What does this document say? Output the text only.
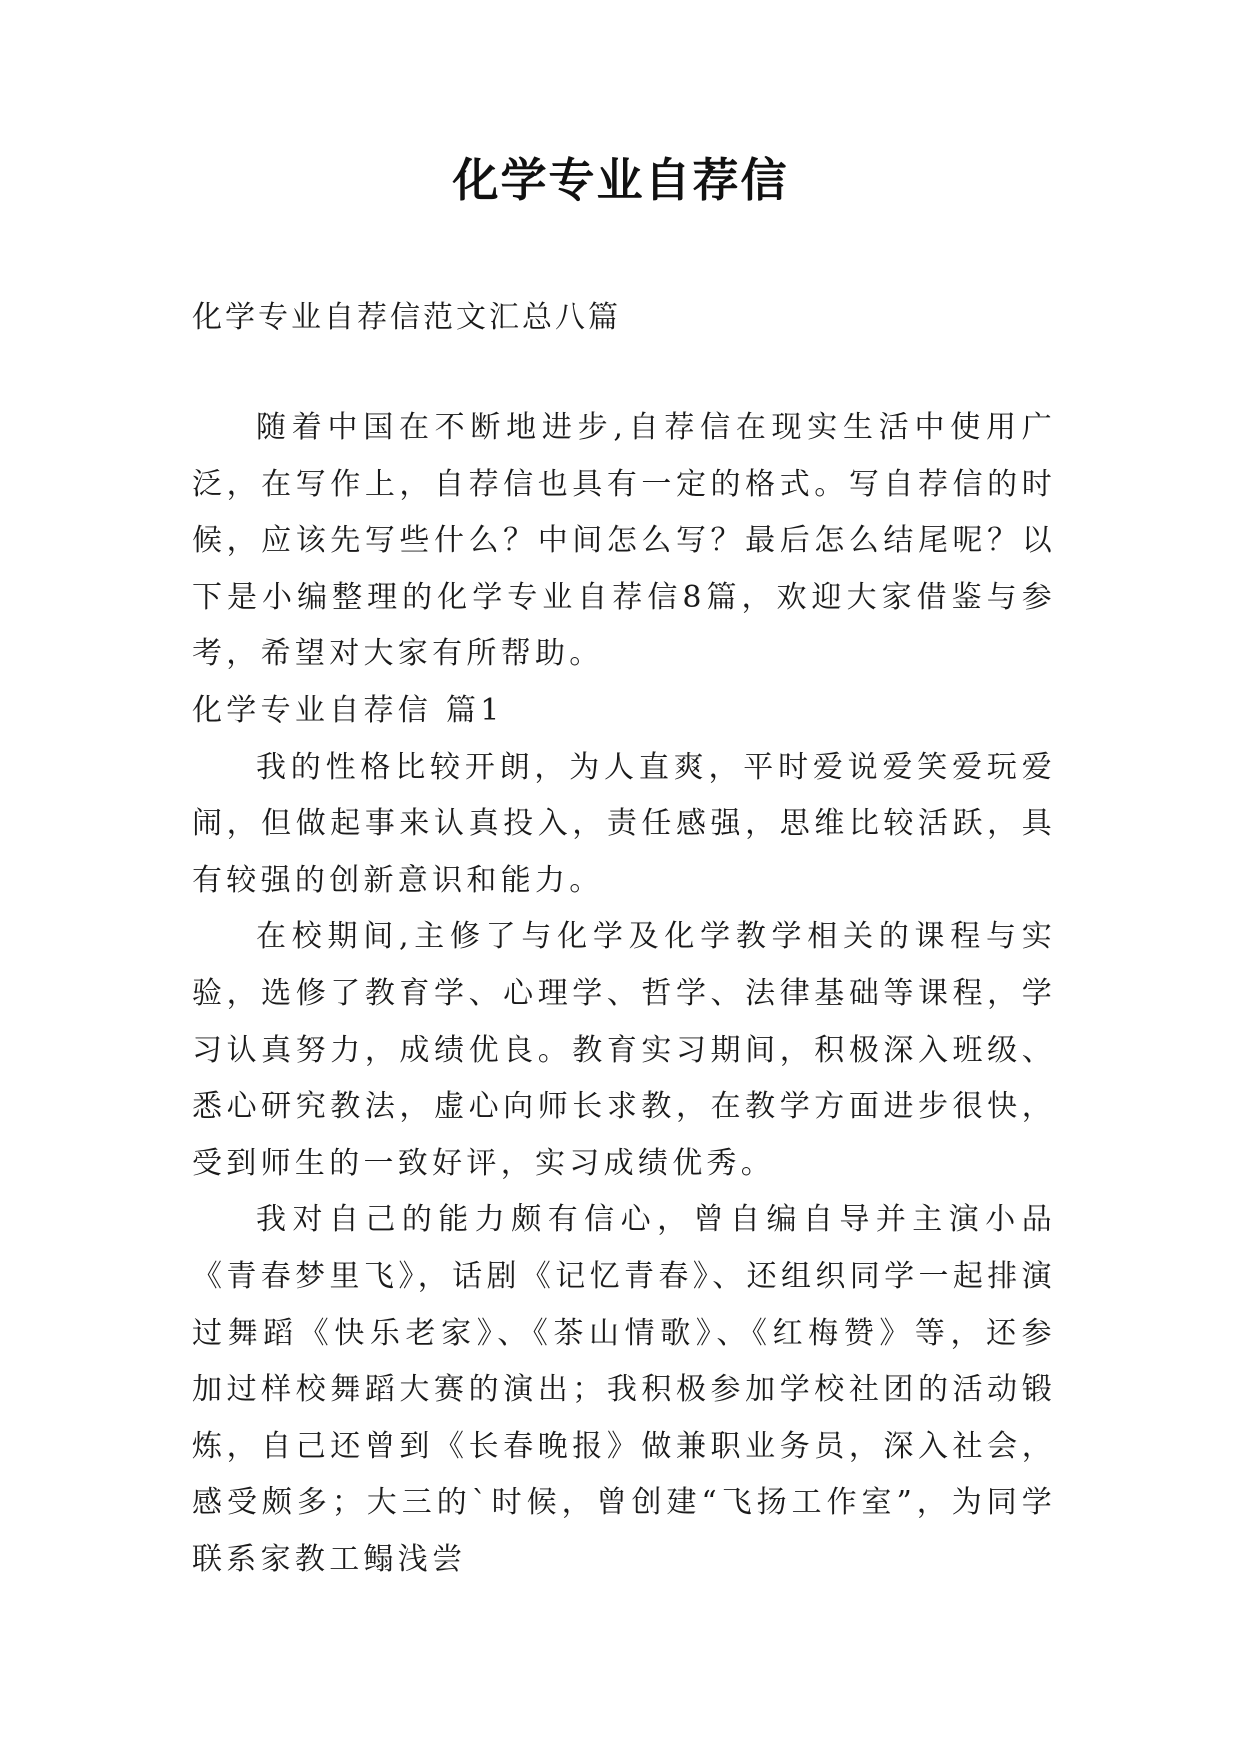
化学专业自荐信
化学专业自荐信范文汇总八篇

随着中国在不断地进步,自荐信在现实生活中使用广泛，在写作上，自荐信也具有一定的格式。写自荐信的时候，应该先写些什么？中间怎么写？最后怎么结尾呢？以下是小编整理的化学专业自荐信8篇，欢迎大家借鉴与参考，希望对大家有所帮助。

化学专业自荐信 篇1

我的性格比较开朗，为人直爽，平时爱说爱笑爱玩爱闹，但做起事来认真投入，责任感强，思维比较活跃，具有较强的创新意识和能力。

在校期间,主修了与化学及化学教学相关的课程与实验，选修了教育学、心理学、哲学、法律基础等课程，学习认真努力，成绩优良。教育实习期间，积极深入班级、悉心研究教法，虚心向师长求教，在教学方面进步很快，受到师生的一致好评，实习成绩优秀。

我对自己的能力颇有信心，曾自编自导并主演小品《青春梦里飞》，话剧《记忆青春》、还组织同学一起排演过舞蹈《快乐老家》、《茶山情歌》、《红梅赞》等，还参加过样校舞蹈大赛的演出；我积极参加学校社团的活动锻炼，自己还曾到《长春晚报》做兼职业务员，深入社会，感受颇多；大三的`时候，曾创建“飞扬工作室”，为同学联系家教工鳎浅尝
